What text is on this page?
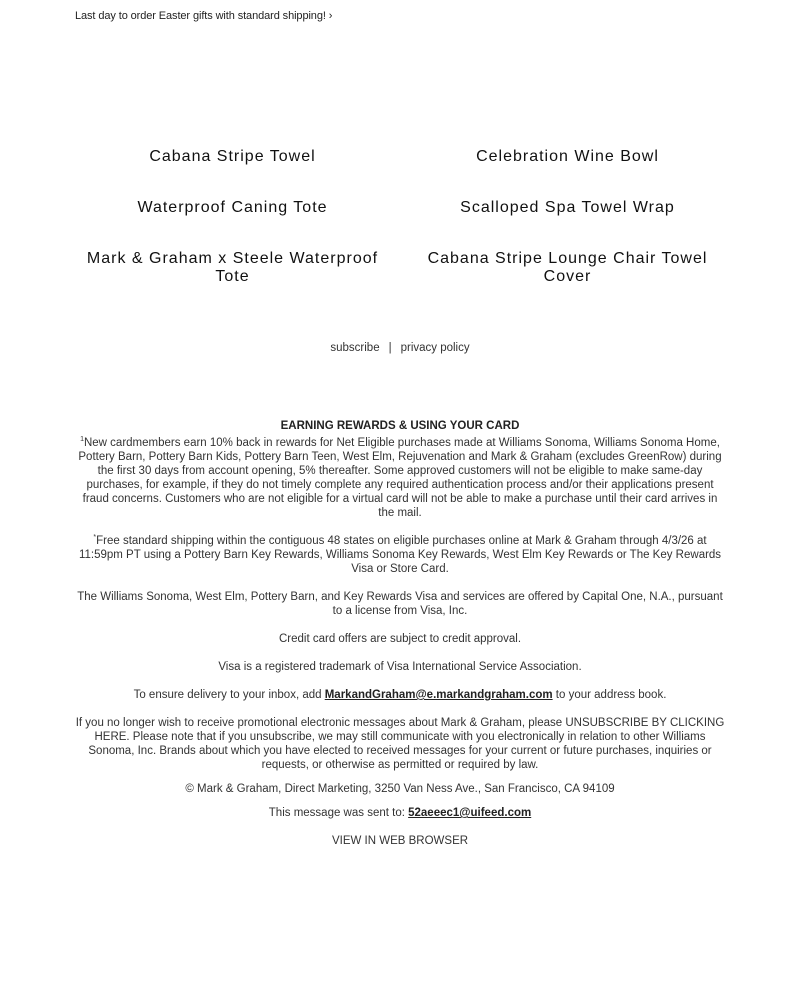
Last day to order Easter gifts with standard shipping! ›
Cabana Stripe Towel	Celebration Wine Bowl
Waterproof Caning Tote	Scalloped Spa Towel Wrap
Mark & Graham x Steele Waterproof Tote
Cabana Stripe Lounge Chair Towel Cover
subscribe | privacy policy

EARNING REWARDS & USING YOUR CARD

$^1$New cardmembers earn 10% back in rewards for Net Eligible purchases made at Williams Sonoma, Williams Sonoma Home, Pottery Barn, Pottery Barn Kids, Pottery Barn Teen, West Elm, Rejuvenation and Mark & Graham (excludes GreenRow) during the first 30 days from account opening, 5% thereafter. Some approved customers will not be eligible to make same-day purchases, for example, if they do not timely complete any required authentication process and/or their applications present fraud concerns. Customers who are not eligible for a virtual card will not be able to make a purchase until their card arrives in the mail.

*Free standard shipping within the contiguous 48 states on eligible purchases online at Mark & Graham through 4/3/26 at 11:59pm PT using a Pottery Barn Key Rewards, Williams Sonoma Key Rewards, West Elm Key Rewards or The Key Rewards Visa or Store Card.

The Williams Sonoma, West Elm, Pottery Barn, and Key Rewards Visa and services are offered by Capital One, N.A., pursuant to a license from Visa, Inc.

Credit card offers are subject to credit approval.

Visa is a registered trademark of Visa International Service Association.

To ensure delivery to your inbox, add MarkandGraham@e.markandgraham.com to your address book.

If you no longer wish to receive promotional electronic messages about Mark & Graham, please UNSUBSCRIBE BY CLICKING HERE. Please note that if you unsubscribe, we may still communicate with you electronically in relation to other Williams Sonoma, Inc. Brands about which you have elected to received messages for your current or future purchases, inquiries or requests, or otherwise as permitted or required by law.

© Mark & Graham, Direct Marketing, 3250 Van Ness Ave., San Francisco, CA 94109

This message was sent to: 52aeeec1@uifeed.com

VIEW IN WEB BROWSER
